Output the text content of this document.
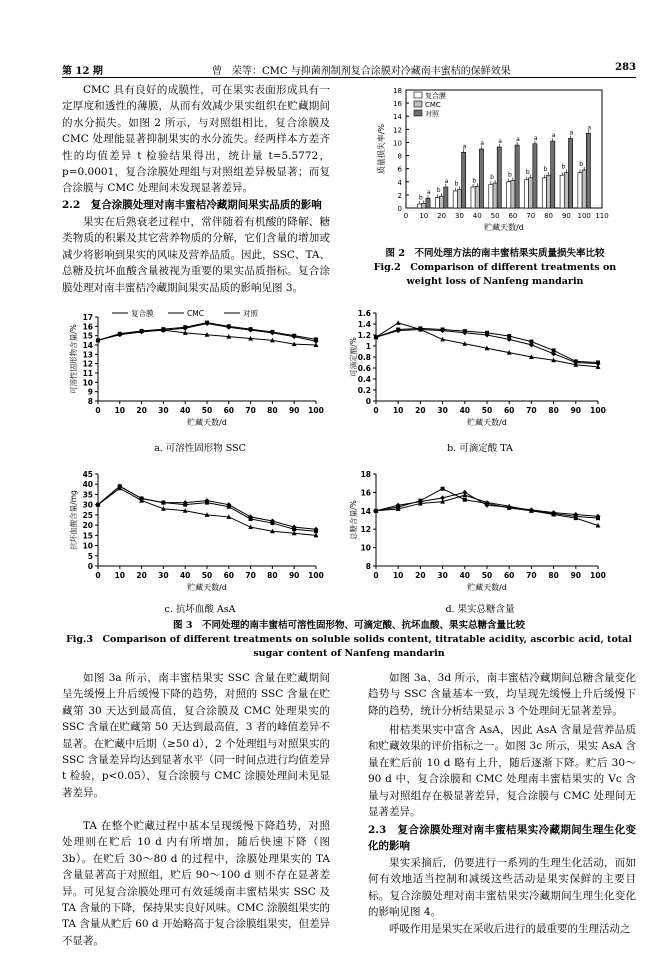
第 12 期	曾　荣等：CMC 与抑菌剂制剂复合涂膜对冷藏南丰蜜桔的保鲜效果	283
CMC 具有良好的成膜性，可在果实表面形成具有一定厚度和透性的薄膜，从而有效减少果实组织在贮藏期间的水分损失。如图 2 所示，与对照组相比，复合涂膜及 CMC 处理能显著抑制果实的水分流失。经两样本方差齐性的均值差异 t 检验结果得出，统计量 t=5.5772，p=0.0001，复合涂膜处理组与对照组差异极显著；而复合涂膜与 CMC 处理间未发现显著差异。
2.2　复合涂膜处理对南丰蜜桔冷藏期间果实品质的影响
果实在后熟衰老过程中，常伴随着有机酸的降解、糖类物质的积累及其它营养物质的分解，它们含量的增加或减少将影响到果实的风味及营养品质。因此，SSC、TA、总糖及抗坏血酸含量被视为重要的果实品质指标。复合涂膜处理对南丰蜜桔冷藏期间果实品质的影响见图 3。
0
2
4
6
8
10
12
14
16
18
0 10 20 30 40 50 60 70 80 90 100 110
贮藏天数/d
质量损失率/%
b
a b
a b
a
b
a
b
a
b
a
b
a
b
a
b
a
b
a
复合膜
CMC
对照
图 2　不同处理方法的南丰蜜桔果实质量损失率比较
Fig.2　Comparison of different treatments on weight loss of Nanfeng mandarin
8
9
10
11
12
13
14
15
16
17
0 10 20 30 40 50 60 70 80 90 100
贮藏天数/d
可溶性固形物含量/%
复合膜	CMC	对照
a. 可溶性固形物 SSC
0
0.2
0.4
0.6
0.8
1
1.2
1.4
1.6
0 10 20 30 40 50 60 70 80 90 100
贮藏天数/d
可滴定酸/%
b. 可滴定酸 TA
0
5
10
15
20
25
30
35
40
45
0 10 20 30 40 50 60 70 80 90 100
贮藏天数/d
抗坏血酸含量/mg
c. 抗坏血酸 AsA
8
10
12
14
16
18
0 10 20 30 40 50 60 70 80 90 100
贮藏天数/d
总糖含量/%
d. 果实总糖含量
图 3　不同处理的南丰蜜桔可溶性固形物、可滴定酸、抗坏血酸、果实总糖含量比较
Fig.3　Comparison of different treatments on soluble solids content, titratable acidity, ascorbic acid, total sugar content of Nanfeng mandarin
如图 3a 所示，南丰蜜桔果实 SSC 含量在贮藏期间呈先缓慢上升后缓慢下降的趋势，对照的 SSC 含量在贮藏第 30 天达到最高值，复合涂膜及 CMC 处理果实的 SSC 含量在贮藏第 50 天达到最高值，3 者的峰值差异不显著。在贮藏中后期（≥50 d），2 个处理组与对照果实的 SSC 含量差异均达到显著水平（同一时间点进行均值差异 t 检验，p<0.05），复合涂膜与 CMC 涂膜处理间未见显著差异。
TA 在整个贮藏过程中基本呈现缓慢下降趋势，对照处理则在贮后 10 d 内有所增加，随后快速下降（图 3b）。在贮后 30～80 d 的过程中，涂膜处理果实的 TA 含量显著高于对照组，贮后 90～100 d 则不存在显著差异。可见复合涂膜处理可有效延缓南丰蜜桔果实 SSC 及 TA 含量的下降，保持果实良好风味。CMC 涂膜组果实的 TA 含量从贮后 60 d 开始略高于复合涂膜组果实，但差异不显著。
如图 3a、3d 所示，南丰蜜桔冷藏期间总糖含量变化趋势与 SSC 含量基本一致，均呈现先缓慢上升后缓慢下降的趋势，统计分析结果显示 3 个处理间无显著差异。
柑桔类果实中富含 AsA，因此 AsA 含量是营养品质和贮藏效果的评价指标之一。如图 3c 所示，果实 AsA 含量在贮后前 10 d 略有上升，随后逐渐下降。贮后 30～90 d 中，复合涂膜和 CMC 处理南丰蜜桔果实的 Vc 含量与对照组存在极显著差异，复合涂膜与 CMC 处理间无显著差异。
2.3　复合涂膜处理对南丰蜜桔果实冷藏期间生理生化变化的影响
果实采摘后，仍要进行一系列的生理生化活动，而如何有效地适当控制和减缓这些活动是果实保鲜的主要目标。复合涂膜处理对南丰蜜桔果实冷藏期间生理生化变化的影响见图 4。
呼吸作用是果实在采收后进行的最重要的生理活动之
